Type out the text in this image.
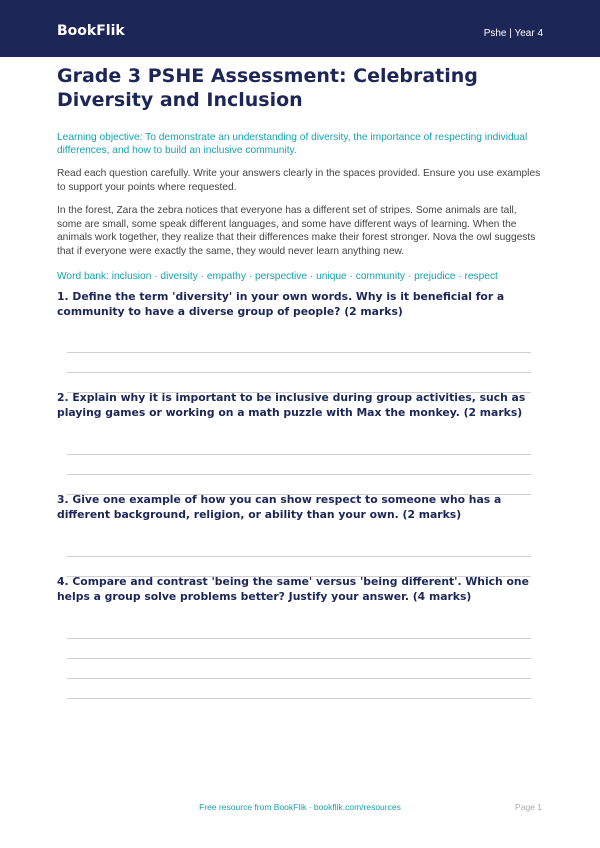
BookFlik	Pshe | Year 4
Grade 3 PSHE Assessment: Celebrating Diversity and Inclusion

Learning objective: To demonstrate an understanding of diversity, the importance of respecting individual differences, and how to build an inclusive community.

Read each question carefully. Write your answers clearly in the spaces provided. Ensure you use examples to support your points where requested.

In the forest, Zara the zebra notices that everyone has a different set of stripes. Some animals are tall, some are small, some speak different languages, and some have different ways of learning. When the animals work together, they realize that their differences make their forest stronger. Nova the owl suggests that if everyone were exactly the same, they would never learn anything new.

Word bank: inclusion · diversity · empathy · perspective · unique · community · prejudice · respect

1. Define the term 'diversity' in your own words. Why is it beneficial for a community to have a diverse group of people? (2 marks)
2. Explain why it is important to be inclusive during group activities, such as playing games or working on a math puzzle with Max the monkey. (2 marks)
3. Give one example of how you can show respect to someone who has a different background, religion, or ability than your own. (2 marks)
4. Compare and contrast 'being the same' versus 'being different'. Which one helps a group solve problems better? Justify your answer. (4 marks)
Free resource from BookFlik · bookflik.com/resources	Page 1
